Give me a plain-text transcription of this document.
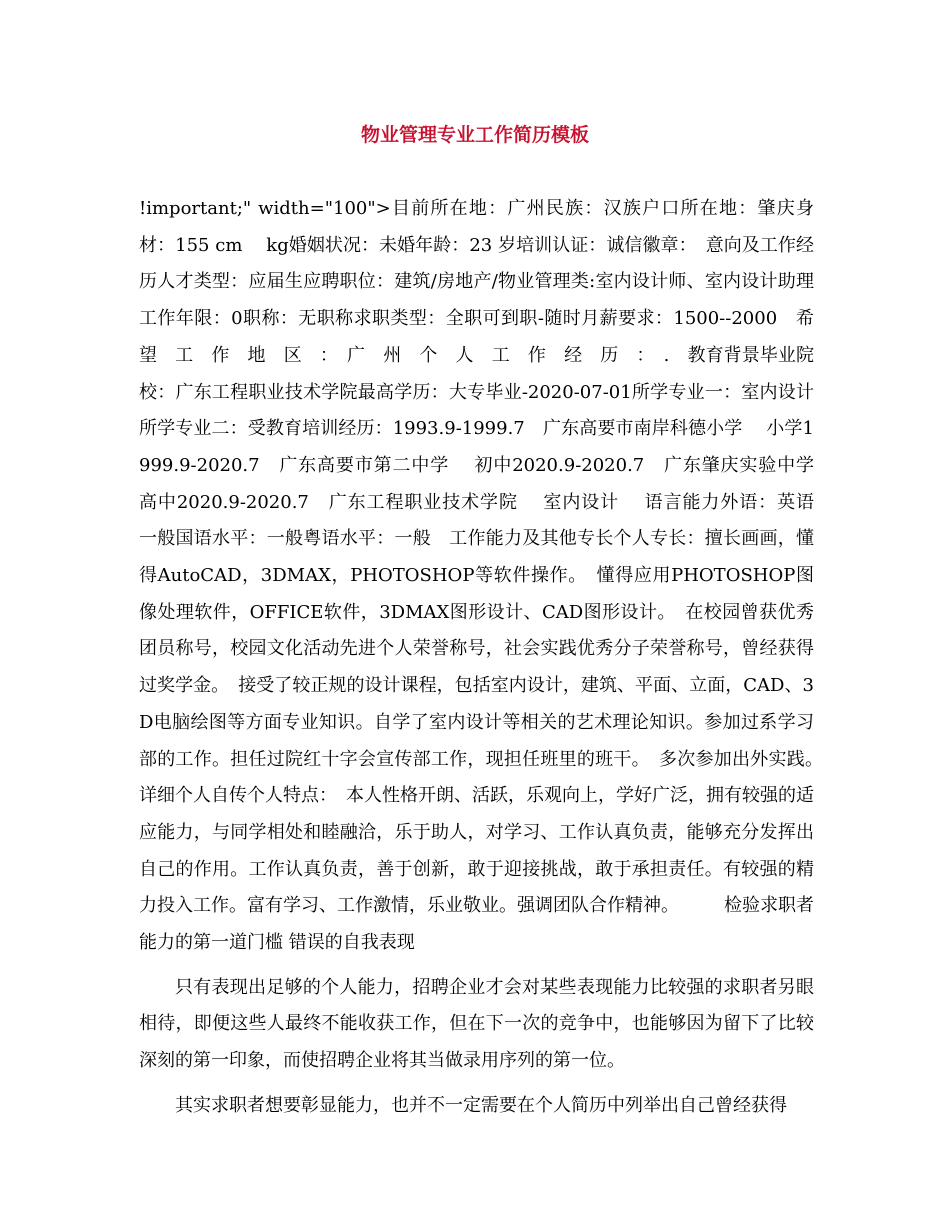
物业管理专业工作简历模板

!important;" width="100">目前所在地：广州民族：汉族户口所在地：肇庆身材：155 cm　 kg婚姻状况：未婚年龄：23 岁培训认证：诚信徽章：　意向及工作经历人才类型：应届生应聘职位：建筑/房地产/物业管理类:室内设计师、室内设计助理　　 工作年限：0职称：无职称求职类型：全职可到职-随时月薪要求：1500--2000　希　望　工　作　地　区　：　广　州　个　人　工　作　经　历　：　.　教育背景毕业院校：广东工程职业技术学院最高学历：大专毕业-2020-07-01所学专业一：室内设计所学专业二：受教育培训经历：1993.9-1999.7　广东高要市南岸科德小学　 小学1999.9-2020.7　广东高要市第二中学　 初中2020.9-2020.7　广东肇庆实验中学　 高中2020.9-2020.7　广东工程职业技术学院　 室内设计　 语言能力外语：英语　 一般国语水平：一般粤语水平：一般　工作能力及其他专长个人专长：擅长画画，懂得AutoCAD，3DMAX，PHOTOSHOP等软件操作。　懂得应用PHOTOSHOP图像处理软件，OFFICE软件，3DMAX图形设计、CAD图形设计。　在校园曾获优秀团员称号，校园文化活动先进个人荣誉称号，社会实践优秀分子荣誉称号，曾经获得过奖学金。　接受了较正规的设计课程，包括室内设计，建筑、平面、立面，CAD、3D电脑绘图等方面专业知识。自学了室内设计等相关的艺术理论知识。参加过系学习部的工作。担任过院红十字会宣传部工作，现担任班里的班干。　多次参加出外实践。　 详细个人自传个人特点：　本人性格开朗、活跃，乐观向上，学好广泛，拥有较强的适应能力，与同学相处和睦融洽，乐于助人，对学习、工作认真负责，能够充分发挥出自己的作用。工作认真负责，善于创新，敢于迎接挑战，敢于承担责任。有较强的精力投入工作。富有学习、工作激情，乐业敬业。强调团队合作精神。　　　检验求职者能力的第一道门槛 错误的自我表现

只有表现出足够的个人能力，招聘企业才会对某些表现能力比较强的求职者另眼相待，即便这些人最终不能收获工作，但在下一次的竞争中，也能够因为留下了比较深刻的第一印象，而使招聘企业将其当做录用序列的第一位。

其实求职者想要彰显能力，也并不一定需要在个人简历中列举出自己曾经获得
